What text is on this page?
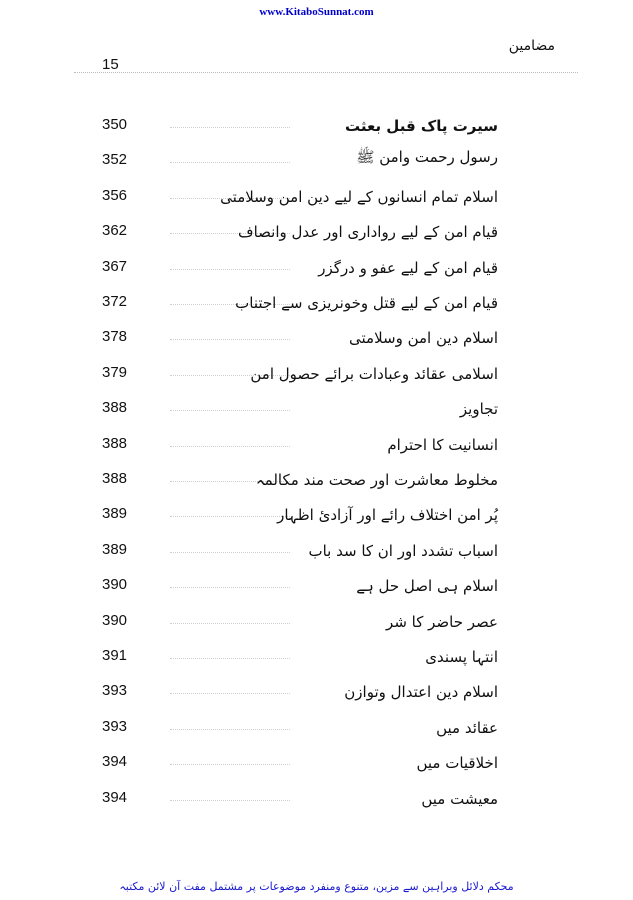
www.KitaboSunnat.com
15
مضامین
350	سیرت پاک قبل بعثت
352	رسول رحمت وامن ﷺ
356	اسلام تمام انسانوں کے لیے دین امن وسلامتی
362	قیام امن کے لیے رواداری اور عدل وانصاف
367	قیام امن کے لیے عفو و درگزر
372	قیام امن کے لیے قتل وخونریزی سے اجتناب
378	اسلام دین امن وسلامتی
379	اسلامی عقائد وعبادات برائے حصول امن
388	تجاویز
388	انسانیت کا احترام
388	مخلوط معاشرت اور صحت مند مکالمہ
389	پُر امن اختلاف رائے اور آزادئ اظہار
389	اسباب تشدد اور ان کا سد باب
390	اسلام ہی اصل حل ہے
390	عصر حاضر کا شر
391	انتہا پسندی
393	اسلام دین اعتدال وتوازن
393	عقائد میں
394	اخلاقیات میں
394	معیشت میں
محکم دلائل وبراہین سے مزین، متنوع ومنفرد موضوعات پر مشتمل مفت آن لائن مکتبہ
